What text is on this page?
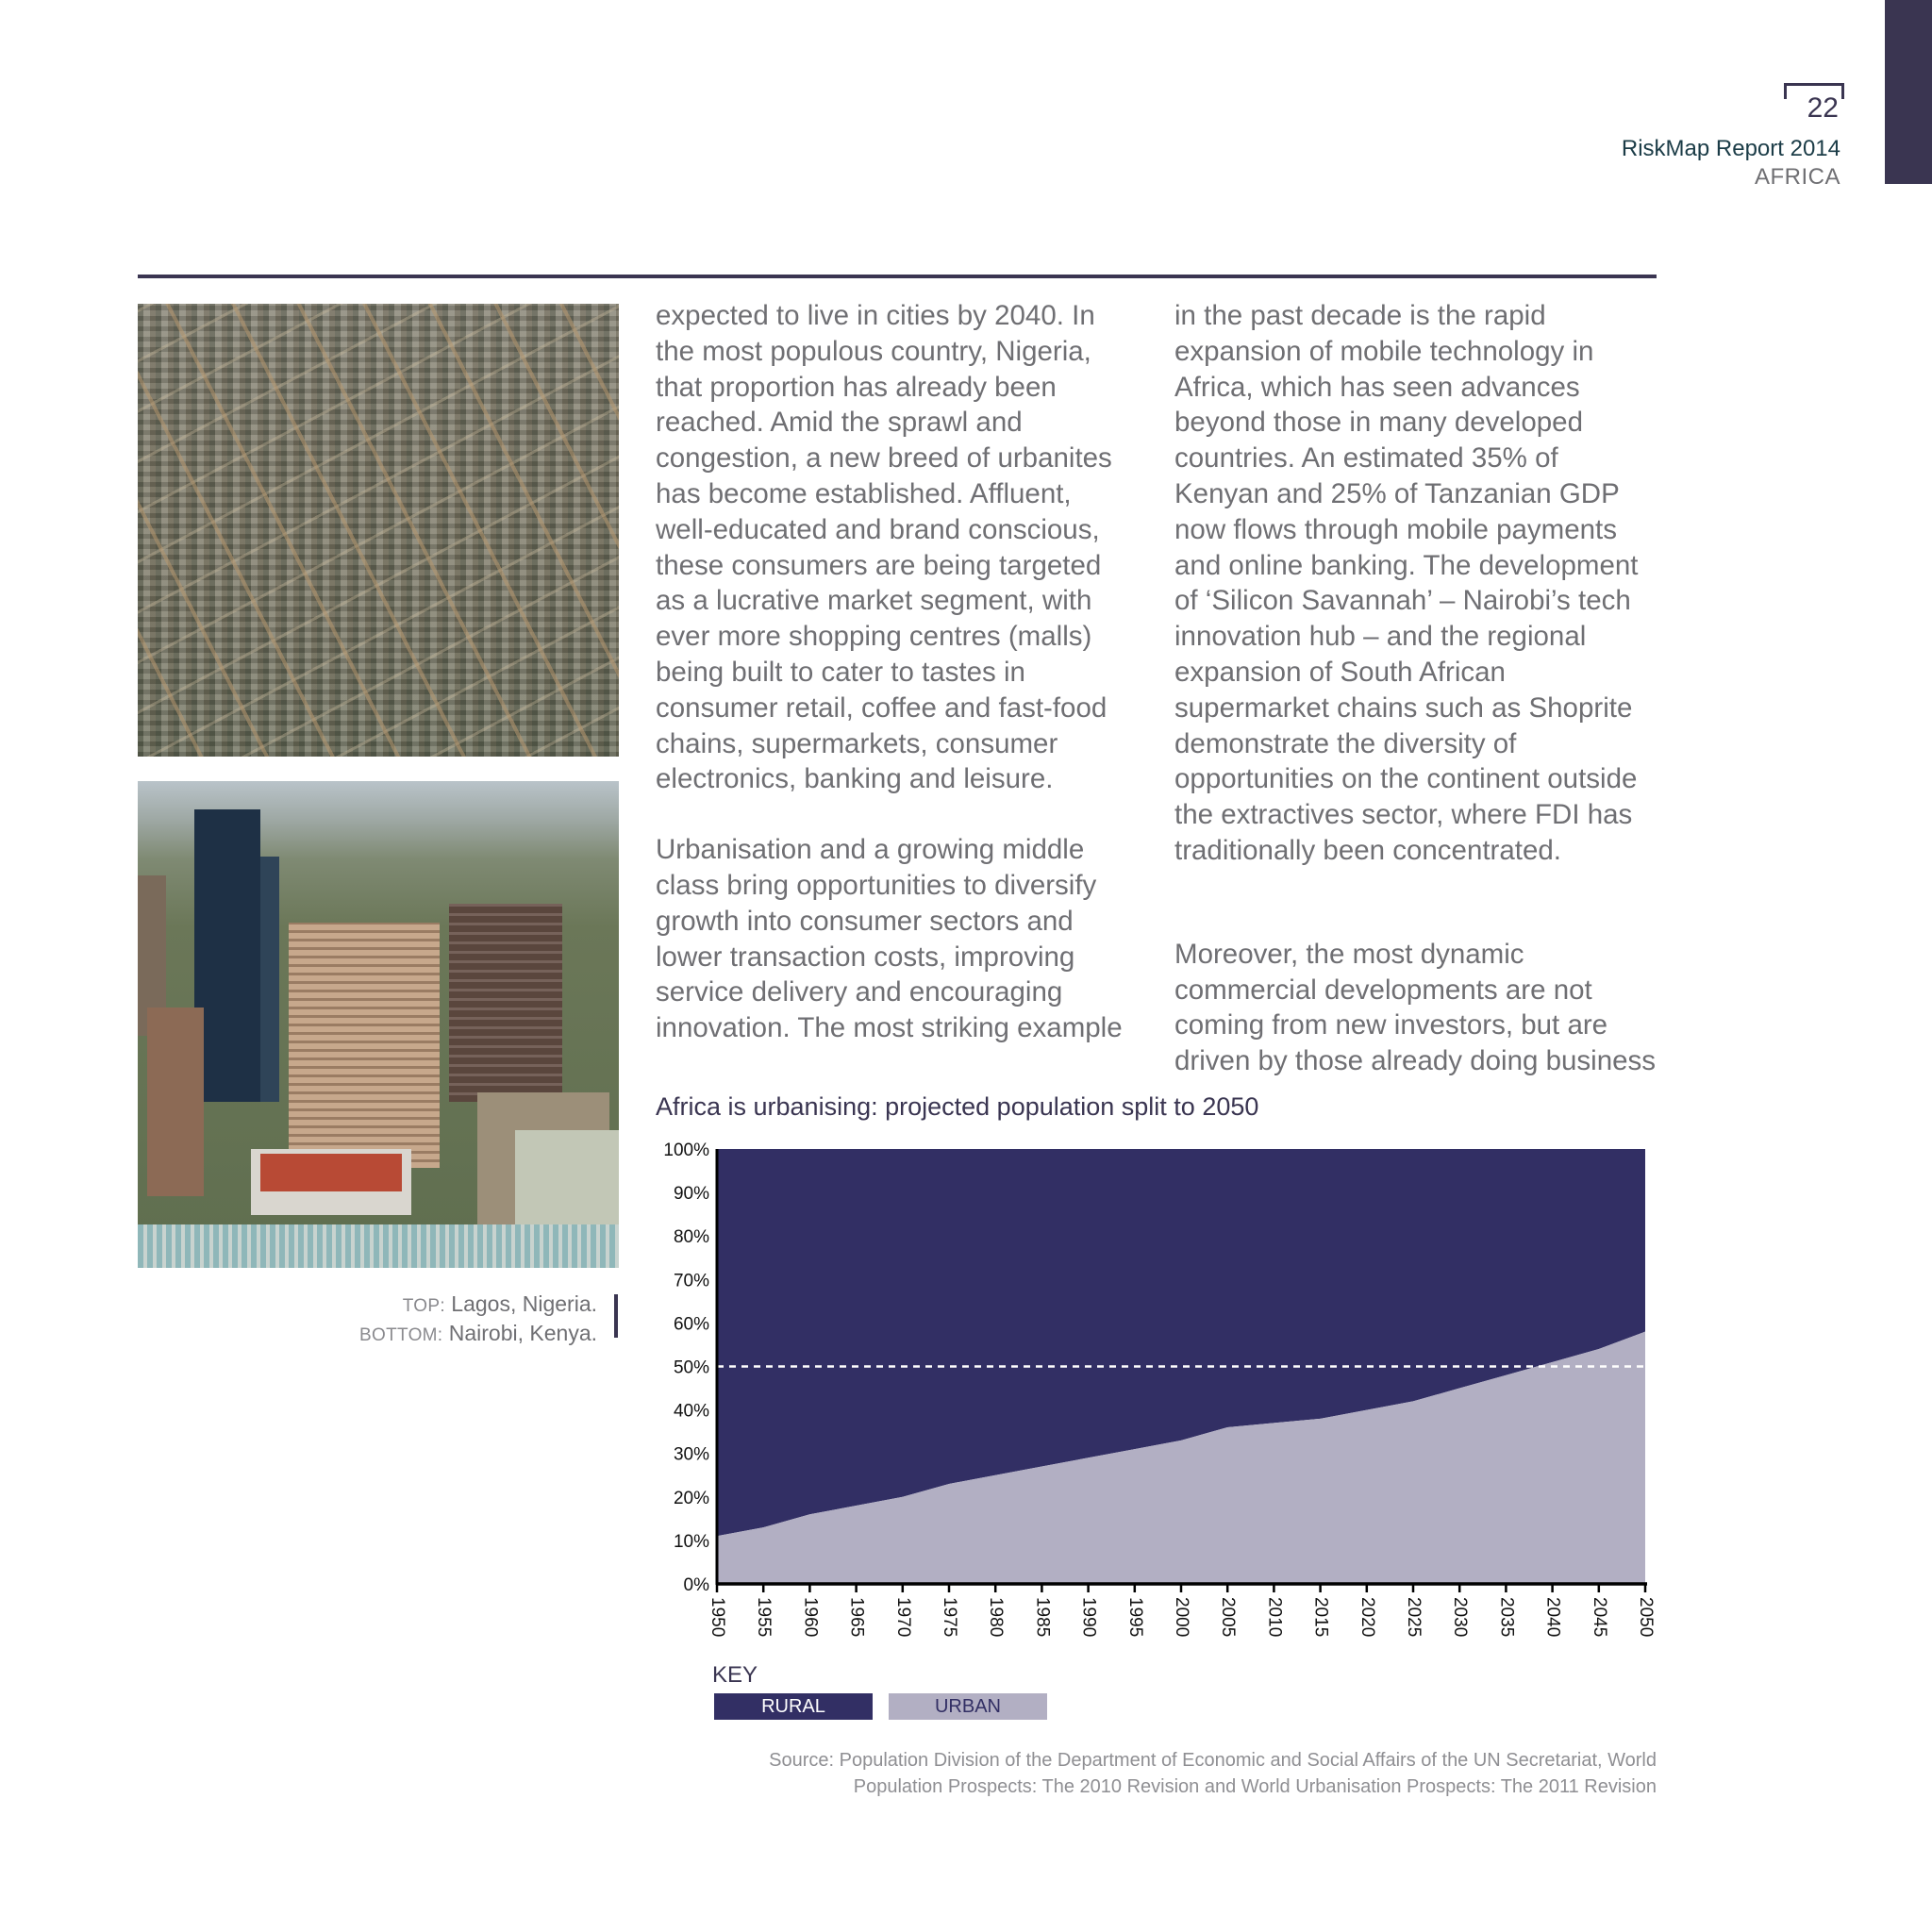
22
RiskMap Report 2014
AFRICA
TOP: Lagos, Nigeria.
BOTTOM: Nairobi, Kenya.

expected to live in cities by 2040. In
the most populous country, Nigeria,
that proportion has already been
reached. Amid the sprawl and
congestion, a new breed of urbanites
has become established. Affluent,
well-educated and brand conscious,
these consumers are being targeted
as a lucrative market segment, with
ever more shopping centres (malls)
being built to cater to tastes in
consumer retail, coffee and fast-food
chains, supermarkets, consumer
electronics, banking and leisure.

Urbanisation and a growing middle
class bring opportunities to diversify
growth into consumer sectors and
lower transaction costs, improving
service delivery and encouraging
innovation. The most striking example

in the past decade is the rapid
expansion of mobile technology in
Africa, which has seen advances
beyond those in many developed
countries. An estimated 35% of
Kenyan and 25% of Tanzanian GDP
now flows through mobile payments
and online banking. The development
of ‘Silicon Savannah’ – Nairobi’s tech
innovation hub – and the regional
expansion of South African
supermarket chains such as Shoprite
demonstrate the diversity of
opportunities on the continent outside
the extractives sector, where FDI has
traditionally been concentrated.

Moreover, the most dynamic
commercial developments are not
coming from new investors, but are
driven by those already doing business

Africa is urbanising: projected population split to 2050
0%
10%
20%
30%
40%
50%
60%
70%
80%
90%
100%
1950 1955 1960 1965 1970 1975 1980 1985 1990 1995 2000 2005 2010 2015 2020 2025 2030 2035 2040 2045 2050
KEY
RURAL	URBAN
Source: Population Division of the Department of Economic and Social Affairs of the UN Secretariat, World
Population Prospects: The 2010 Revision and World Urbanisation Prospects: The 2011 Revision
